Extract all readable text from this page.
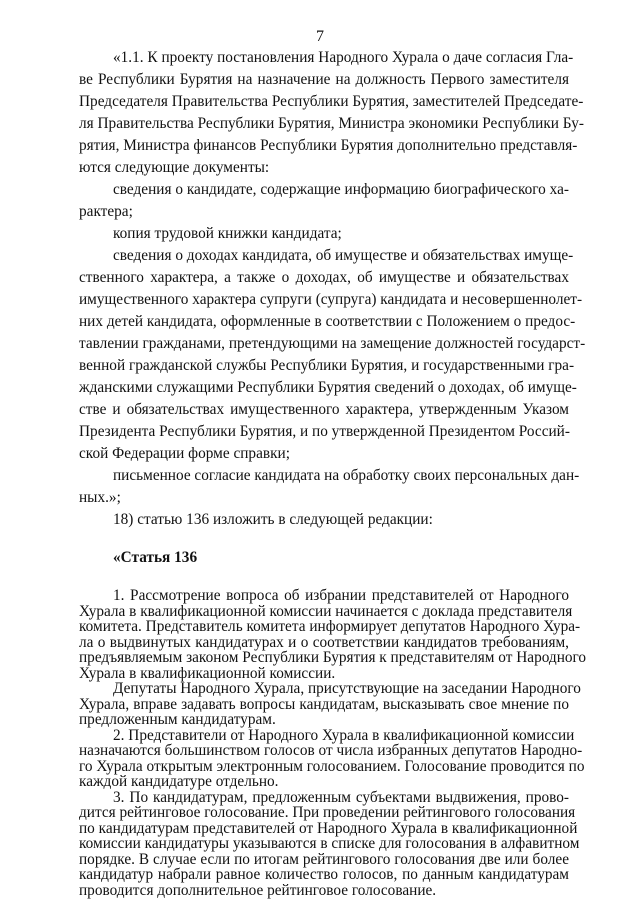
7
«1.1. К проекту постановления Народного Хурала о даче согласия Гла-
ве Республики Бурятия на назначение на должность Первого заместителя
Председателя Правительства Республики Бурятия, заместителей Председате-
ля Правительства Республики Бурятия, Министра экономики Республики Бу-
рятия, Министра финансов Республики Бурятия дополнительно представля-
ются следующие документы:
сведения о кандидате, содержащие информацию биографического ха-
рактера;
копия трудовой книжки кандидата;
сведения о доходах кандидата, об имуществе и обязательствах имуще-
ственного характера, а также о доходах, об имуществе и обязательствах
имущественного характера супруги (супруга) кандидата и несовершеннолет-
них детей кандидата, оформленные в соответствии с Положением о предос-
тавлении гражданами, претендующими на замещение должностей государст-
венной гражданской службы Республики Бурятия, и государственными гра-
жданскими служащими Республики Бурятия сведений о доходах, об имуще-
стве и обязательствах имущественного характера, утвержденным Указом
Президента Республики Бурятия, и по утвержденной Президентом Россий-
ской Федерации форме справки;
письменное согласие кандидата на обработку своих персональных дан-
ных.»;
18) статью 136 изложить в следующей редакции:
«Статья 136
1. Рассмотрение вопроса об избрании представителей от Народного
Хурала в квалификационной комиссии начинается с доклада представителя
комитета. Представитель комитета информирует депутатов Народного Хура-
ла о выдвинутых кандидатурах и о соответствии кандидатов требованиям,
предъявляемым законом Республики Бурятия к представителям от Народного
Хурала в квалификационной комиссии.
Депутаты Народного Хурала, присутствующие на заседании Народного
Хурала, вправе задавать вопросы кандидатам, высказывать свое мнение по
предложенным кандидатурам.
2. Представители от Народного Хурала в квалификационной комиссии
назначаются большинством голосов от числа избранных депутатов Народно-
го Хурала открытым электронным голосованием. Голосование проводится по
каждой кандидатуре отдельно.
3. По кандидатурам, предложенным субъектами выдвижения, прово-
дится рейтинговое голосование. При проведении рейтингового голосования
по кандидатурам представителей от Народного Хурала в квалификационной
комиссии кандидатуры указываются в списке для голосования в алфавитном
порядке. В случае если по итогам рейтингового голосования две или более
кандидатур набрали равное количество голосов, по данным кандидатурам
проводится дополнительное рейтинговое голосование.
